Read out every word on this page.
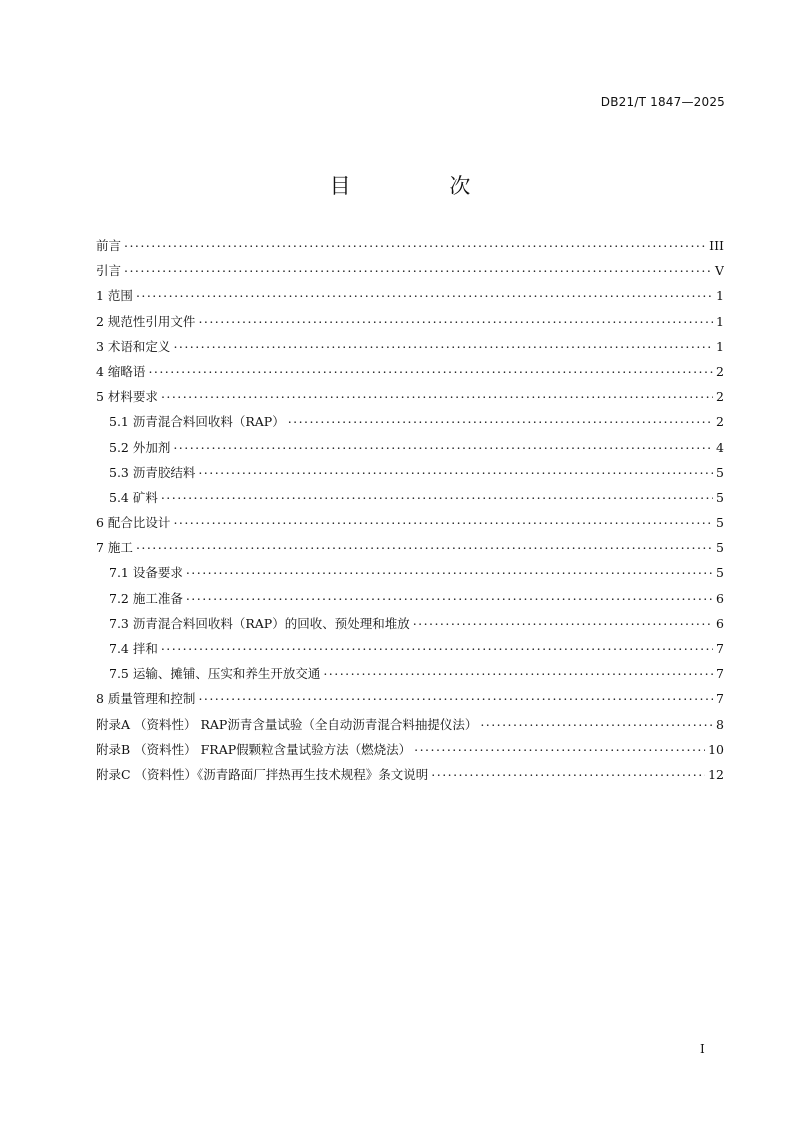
DB21/T 1847—2025
目 次
前言 . . .	III
引言 . . .	V
1 范围 . . .	1
2 规范性引用文件 . . .	1
3 术语和定义 . . .	1
4 缩略语 . . .	2
5 材料要求 . . .	2
5.1 沥青混合料回收料（RAP） . . .	2
5.2 外加剂 . . .	4
5.3 沥青胶结料 . . .	5
5.4 矿料 . . .	5
6 配合比设计 . . .	5
7 施工 . . .	5
7.1 设备要求 . . .	5
7.2 施工准备 . . .	6
7.3 沥青混合料回收料（RAP）的回收、预处理和堆放 . . .	6
7.4 拌和 . . .	7
7.5 运输、摊铺、压实和养生开放交通 . . .	7
8 质量管理和控制 . . .	7
附录A （资料性） RAP沥青含量试验（全自动沥青混合料抽提仪法） . . .	8
附录B （资料性） FRAP假颗粒含量试验方法（燃烧法） . . .	10
附录C （资料性）《沥青路面厂拌热再生技术规程》条文说明 . . .	12
I
